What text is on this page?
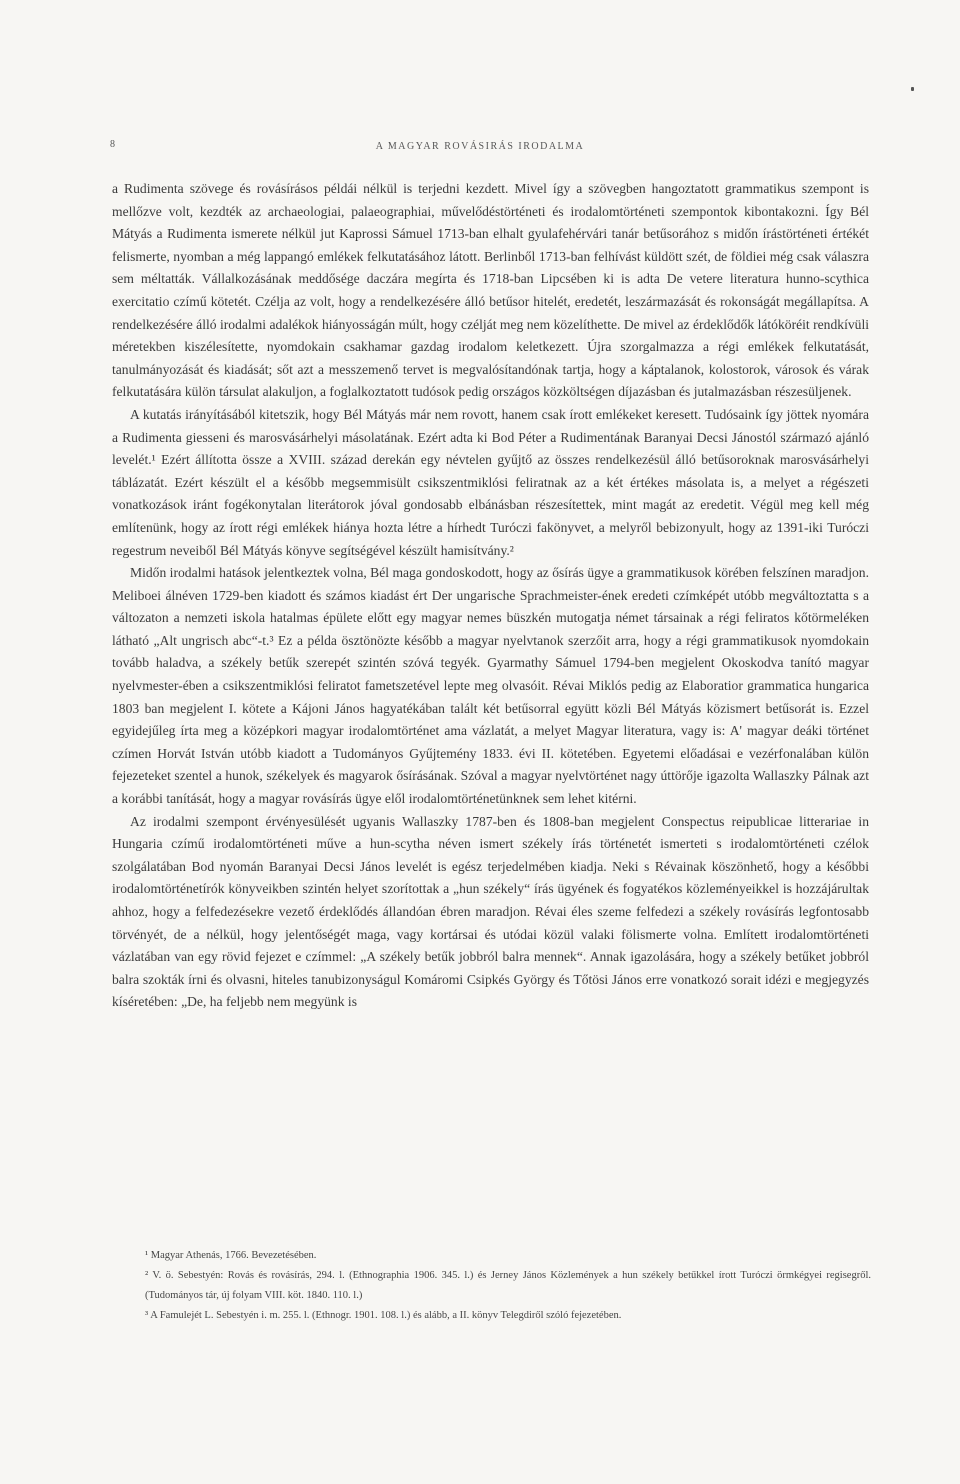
8	A MAGYAR ROVÁSIRÁS IRODALMA

a Rudimenta szövege és rovásírásos példái nélkül is terjedni kezdett. Mivel így a szövegben hangoztatott grammatikus szempont is mellőzve volt, kezdték az archaeologiai, palaeographiai, művelődéstörténeti és irodalomtörténeti szempontok kibontakozni. Így Bél Mátyás a Rudimenta ismerete nélkül jut Kaprossi Sámuel 1713-ban elhalt gyulafehérvári tanár betűsorához s midőn írástörténeti értékét felismerte, nyomban a még lappangó emlékek felkutatásához látott. Berlinből 1713-ban felhívást küldött szét, de földiei még csak válaszra sem méltatták. Vállalkozásának meddősége daczára megírta és 1718-ban Lipcsében ki is adta De vetere literatura hunno-scythica exercitatio czímű kötetét. Czélja az volt, hogy a rendelkezésére álló betűsor hitelét, eredetét, leszármazását és rokonságát megállapítsa. A rendelkezésére álló irodalmi adalékok hiányosságán múlt, hogy czélját meg nem közelíthette. De mivel az érdeklődők látóköréit rendkívüli méretekben kiszélesítette, nyomdokain csakhamar gazdag irodalom keletkezett. Újra szorgalmazza a régi emlékek felkutatását, tanulmányozását és kiadását; sőt azt a messzemenő tervet is megvalósítandónak tartja, hogy a káptalanok, kolostorok, városok és várak felkutatására külön társulat alakuljon, a foglalkoztatott tudósok pedig országos közköltségen díjazásban és jutalmazásban részesüljenek.

A kutatás irányításából kitetszik, hogy Bél Mátyás már nem rovott, hanem csak írott emlékeket keresett. Tudósaink így jöttek nyomára a Rudimenta giesseni és marosvásárhelyi másolatának. Ezért adta ki Bod Péter a Rudimentának Baranyai Decsi Jánostól származó ajánló levelét.¹ Ezért állította össze a XVIII. század derekán egy névtelen gyűjtő az összes rendelkezésül álló betűsoroknak marosvásárhelyi táblázatát. Ezért készült el a később megsemmisült csikszentmiklósi feliratnak az a két értékes másolata is, a melyet a régészeti vonatkozások iránt fogékonytalan literátorok jóval gondosabb elbánásban részesítettek, mint magát az eredetit. Végül meg kell még említenünk, hogy az írott régi emlékek hiánya hozta létre a hírhedt Turóczi fakönyvet, a melyről bebizonyult, hogy az 1391-iki Turóczi regestrum neveiből Bél Mátyás könyve segítségével készült hamisítvány.²

Midőn irodalmi hatások jelentkeztek volna, Bél maga gondoskodott, hogy az ősírás ügye a grammatikusok körében felszínen maradjon. Meliboei álnéven 1729-ben kiadott és számos kiadást ért Der ungarische Sprachmeister-ének eredeti czímképét utóbb megváltoztatta s a változaton a nemzeti iskola hatalmas épülete előtt egy magyar nemes büszkén mutogatja német társainak a régi feliratos kőtörmeléken látható „Alt ungrisch abc“-t.³ Ez a példa ösztönözte később a magyar nyelvtanok szerzőit arra, hogy a régi grammatikusok nyomdokain tovább haladva, a székely betűk szerepét szintén szóvá tegyék. Gyarmathy Sámuel 1794-ben megjelent Okoskodva tanító magyar nyelvmester-ében a csikszentmiklósi feliratot fametszetével lepte meg olvasóit. Révai Miklós pedig az Elaboratior grammatica hungarica 1803 ban megjelent I. kötete a Kájoni János hagyatékában talált két betűsorral együtt közli Bél Mátyás közismert betűsorát is. Ezzel egyidejűleg írta meg a középkori magyar irodalomtörténet ama vázlatát, a melyet Magyar literatura, vagy is: A' magyar deáki történet czímen Horvát István utóbb kiadott a Tudományos Gyűjtemény 1833. évi II. kötetében. Egyetemi előadásai e vezérfonalában külön fejezeteket szentel a hunok, székelyek és magyarok ősírásának. Szóval a magyar nyelvtörténet nagy úttörője igazolta Wallaszky Pálnak azt a korábbi tanítását, hogy a magyar rovásírás ügye elől irodalomtörténetünknek sem lehet kitérni.

Az irodalmi szempont érvényesülését ugyanis Wallaszky 1787-ben és 1808-ban megjelent Conspectus reipublicae litterariae in Hungaria czímű irodalomtörténeti műve a hun-scytha néven ismert székely írás történetét ismerteti s irodalomtörténeti czélok szolgálatában Bod nyomán Baranyai Decsi János levelét is egész terjedelmében kiadja. Neki s Révainak köszönhető, hogy a későbbi irodalomtörténetírók könyveikben szintén helyet szorítottak a „hun székely“ írás ügyének és fogyatékos közleményeikkel is hozzájárultak ahhoz, hogy a felfedezésekre vezető érdeklődés állandóan ébren maradjon. Révai éles szeme felfedezi a székely rovásírás legfontosabb törvényét, de a nélkül, hogy jelentőségét maga, vagy kortársai és utódai közül valaki fölismerte volna. Említett irodalomtörténeti vázlatában van egy rövid fejezet e czímmel: „A székely betűk jobbról balra mennek“. Annak igazolására, hogy a székely betűket jobbról balra szokták írni és olvasni, hiteles tanubizonyságul Komáromi Csipkés György és Tőtösi János erre vonatkozó sorait idézi e megjegyzés kíséretében: „De, ha feljebb nem megyünk is

¹ Magyar Athenás, 1766. Bevezetésében.

² V. ö. Sebestyén: Rovás és rovásírás, 294. l. (Ethnographia 1906. 345. l.) és Jerney János Közlemények a hun székely betűkkel írott Turóczi örmkégyei regisegről. (Tudományos tár, új folyam VIII. köt. 1840. 110. l.)

³ A Famulejét L. Sebestyén i. m. 255. l. (Ethnogr. 1901. 108. l.) és alább, a II. könyv Telegdiről szóló fejezetében.
